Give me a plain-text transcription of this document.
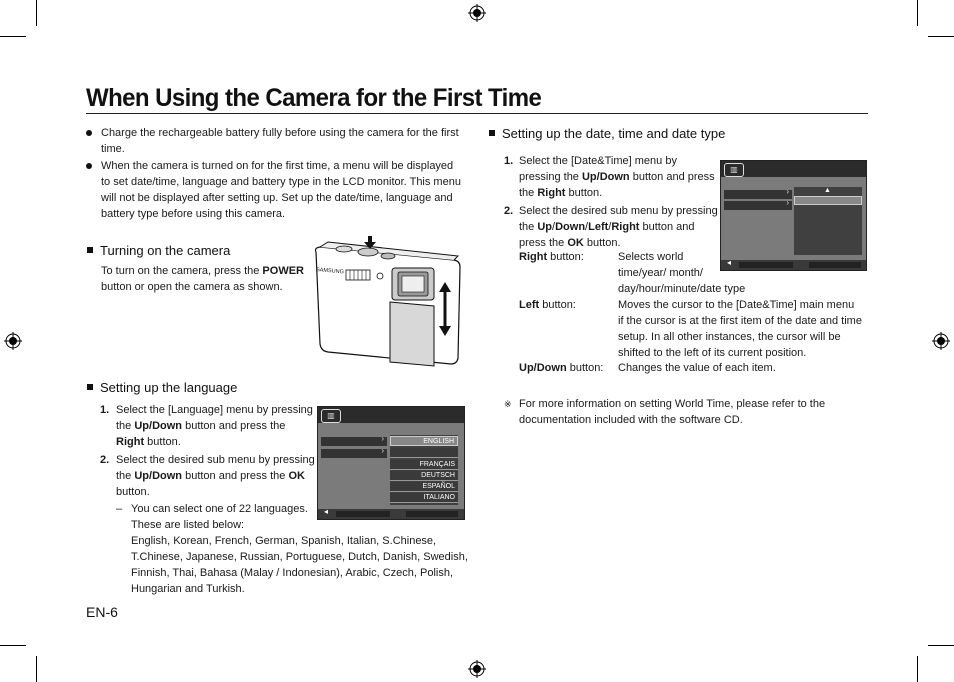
When Using the Camera for the First Time
Charge the rechargeable battery fully before using the camera for the first time.
When the camera is turned on for the first time, a menu will be displayed to set date/time, language and battery type in the LCD monitor. This menu will not be displayed after setting up. Set up the date/time, language and battery type before using this camera.
Turning on the camera
To turn on the camera, press the POWER button or open the camera as shown.
SAMSUNG
Setting up the language
1. Select the [Language] menu by pressing the Up/Down button and press the Right button.
2. Select the desired sub menu by pressing the Up/Down button and press the OK button.
– You can select one of 22 languages.
These are listed below:
English, Korean, French, German, Spanish, Italian, S.Chinese, T.Chinese, Japanese, Russian, Portuguese, Dutch, Danish, Swedish, Finnish, Thai, Bahasa (Malay / Indonesian), Arabic, Czech, Polish, Hungarian and Turkish.
▥
›
›
ENGLISH
FRANÇAIS
DEUTSCH
ESPAÑOL
ITALIANO
◂
Setting up the date, time and date type
1. Select the [Date&Time] menu by pressing the Up/Down button and press the Right button.
2. Select the desired sub menu by pressing the Up/Down/Left/Right button and press the OK button.
Right button:	Selects world
time/year/ month/
day/hour/minute/date type
Left button:	Moves the cursor to the [Date&Time] main menu
if the cursor is at the first item of the date and time
setup. In all other instances, the cursor will be
shifted to the left of its current position.
Up/Down button: Changes the value of each item.
※ For more information on setting World Time, please refer to the documentation included with the software CD.
▥
›
›
▲
◂
EN-6
